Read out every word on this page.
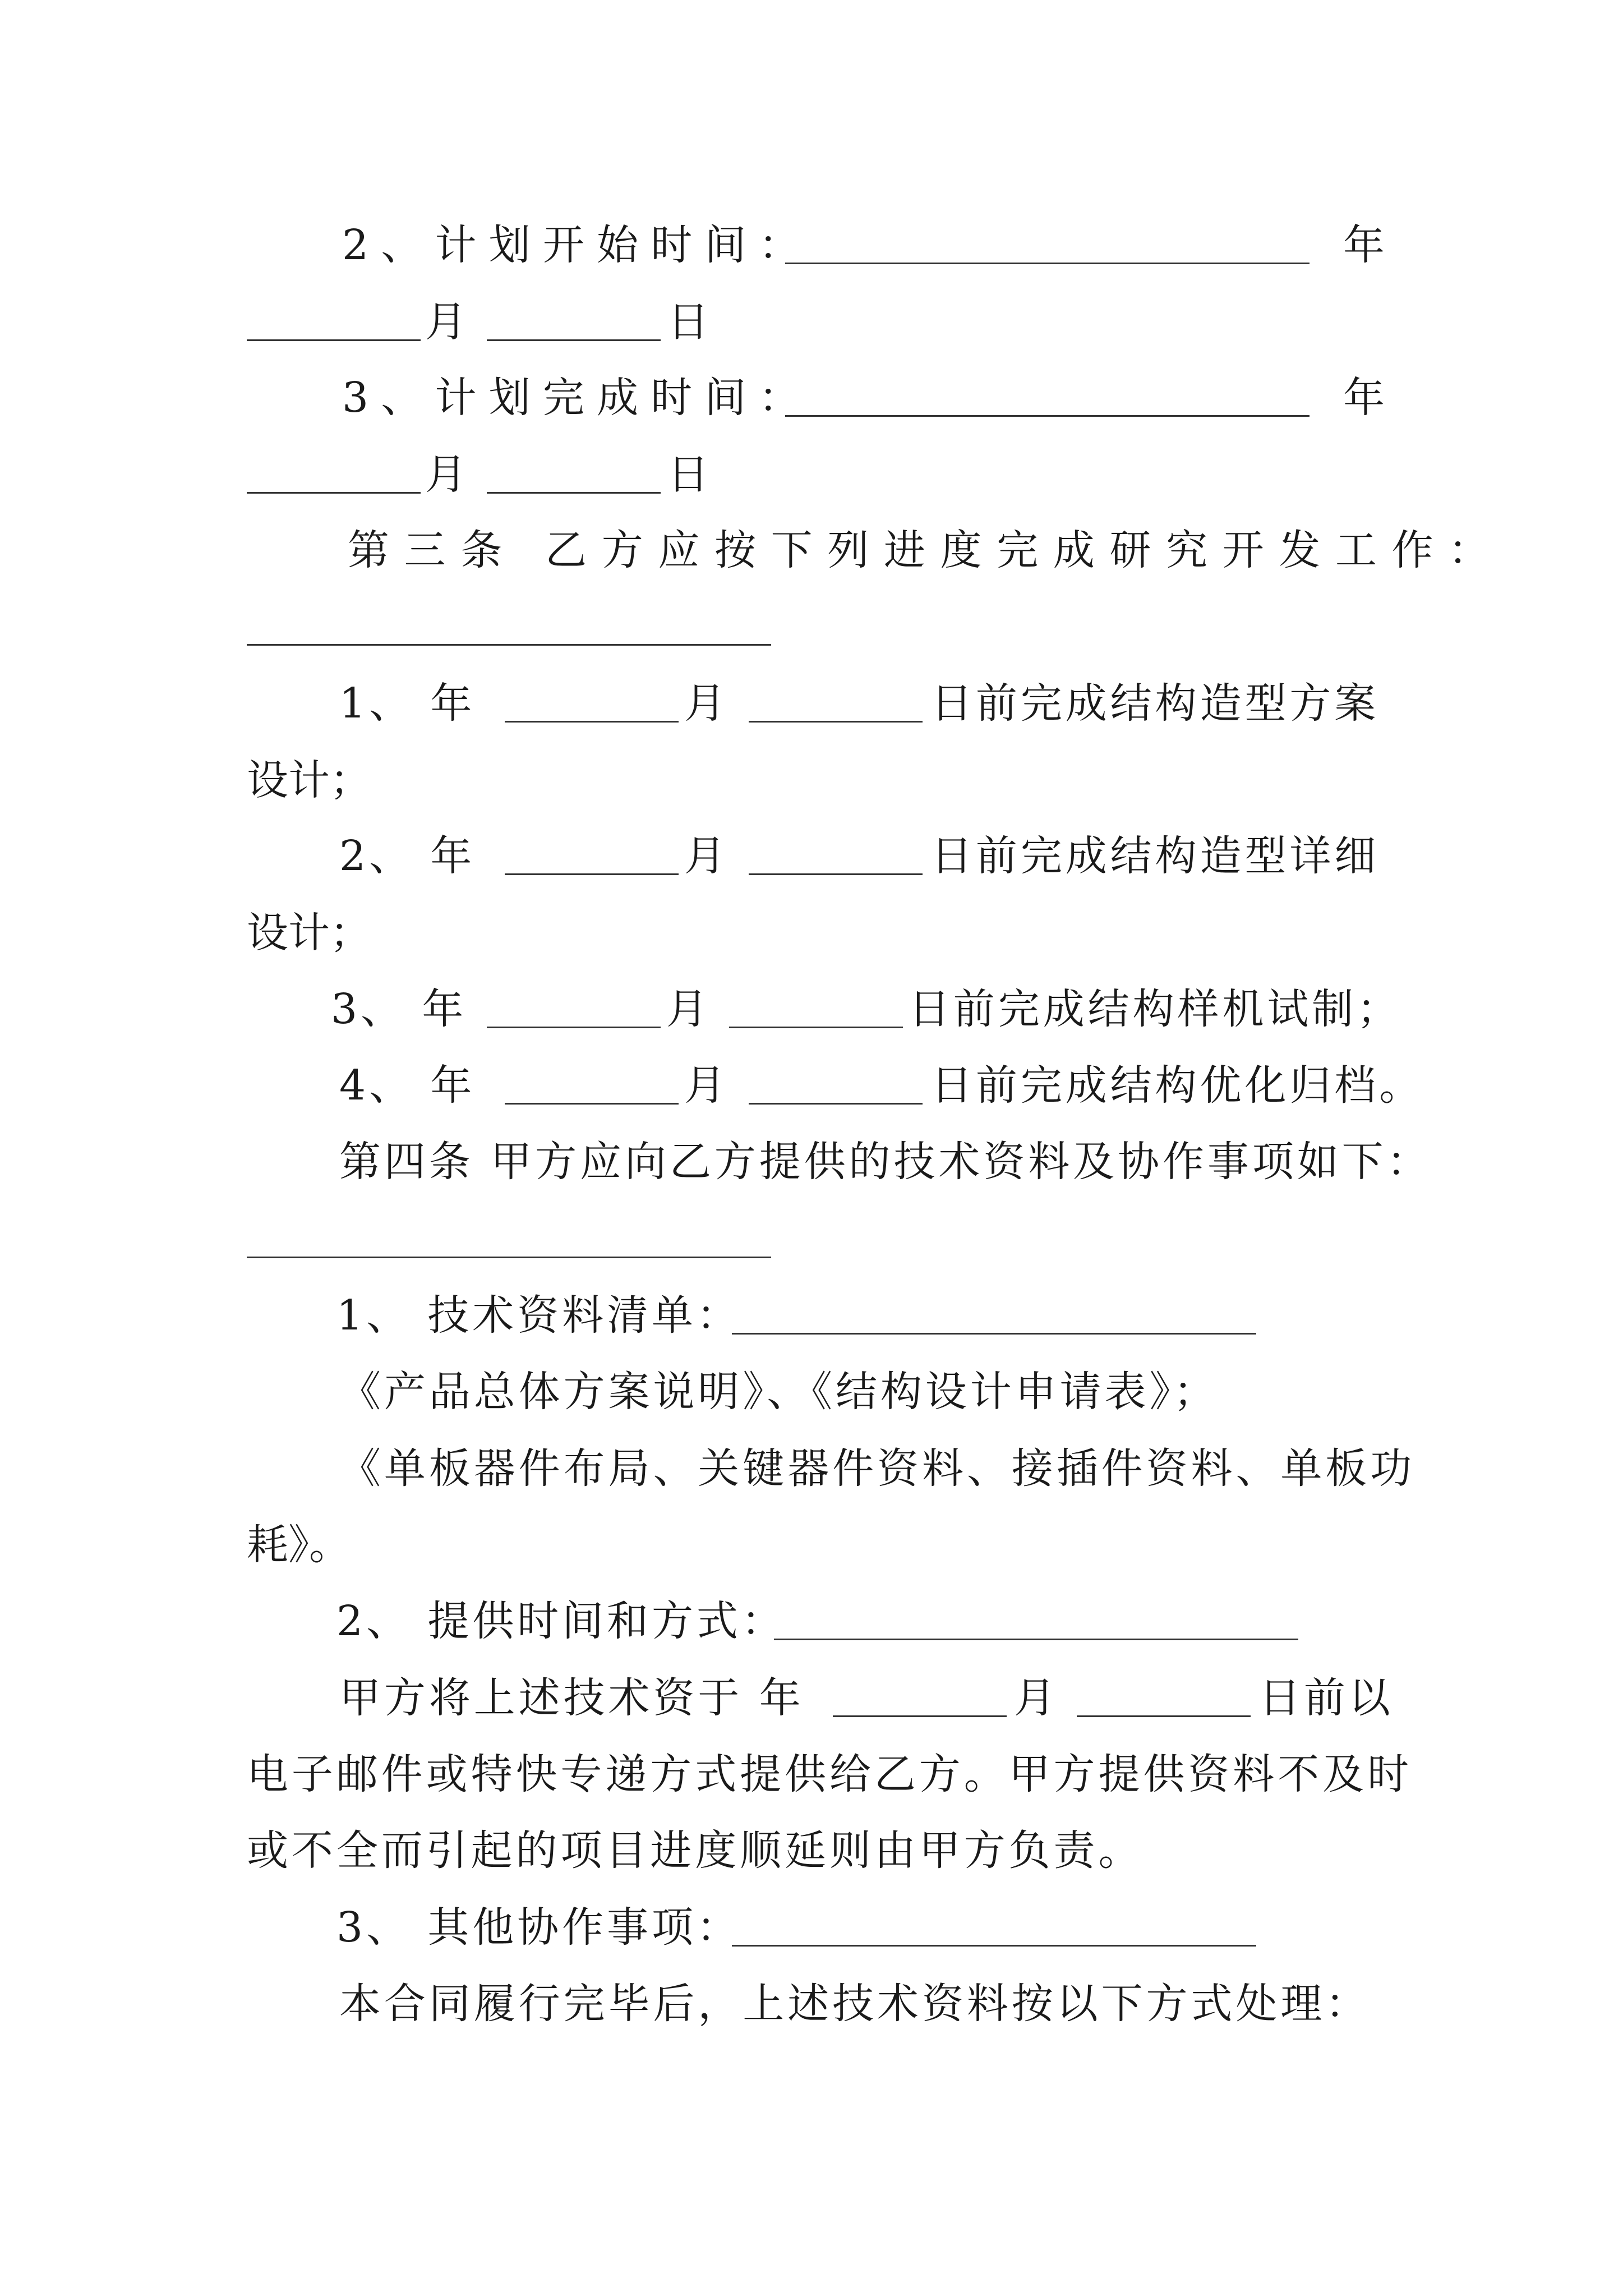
2、计划开始时间：	年
月	日
3、计划完成时间：	年
月	日
第三条 乙方应按下列进度完成研究开发工作：
1、 年	月	日前完成结构造型方案
设计；
2、 年	月	日前完成结构造型详细
设计；
3、 年	月	日前完成结构样机试制；
4、 年	月	日前完成结构优化归档。
第四条 甲方应向乙方提供的技术资料及协作事项如下：
1、 技术资料清单：
《产品总体方案说明》、《结构设计申请表》；
《单板器件布局、关键器件资料、接插件资料、单板功
耗》。
2、 提供时间和方式：
甲方将上述技术资于 年	月	日前以
电子邮件或特快专递方式提供给乙方。甲方提供资料不及时
或不全而引起的项目进度顺延则由甲方负责。
3、 其他协作事项：
本合同履行完毕后，上述技术资料按以下方式处理：
